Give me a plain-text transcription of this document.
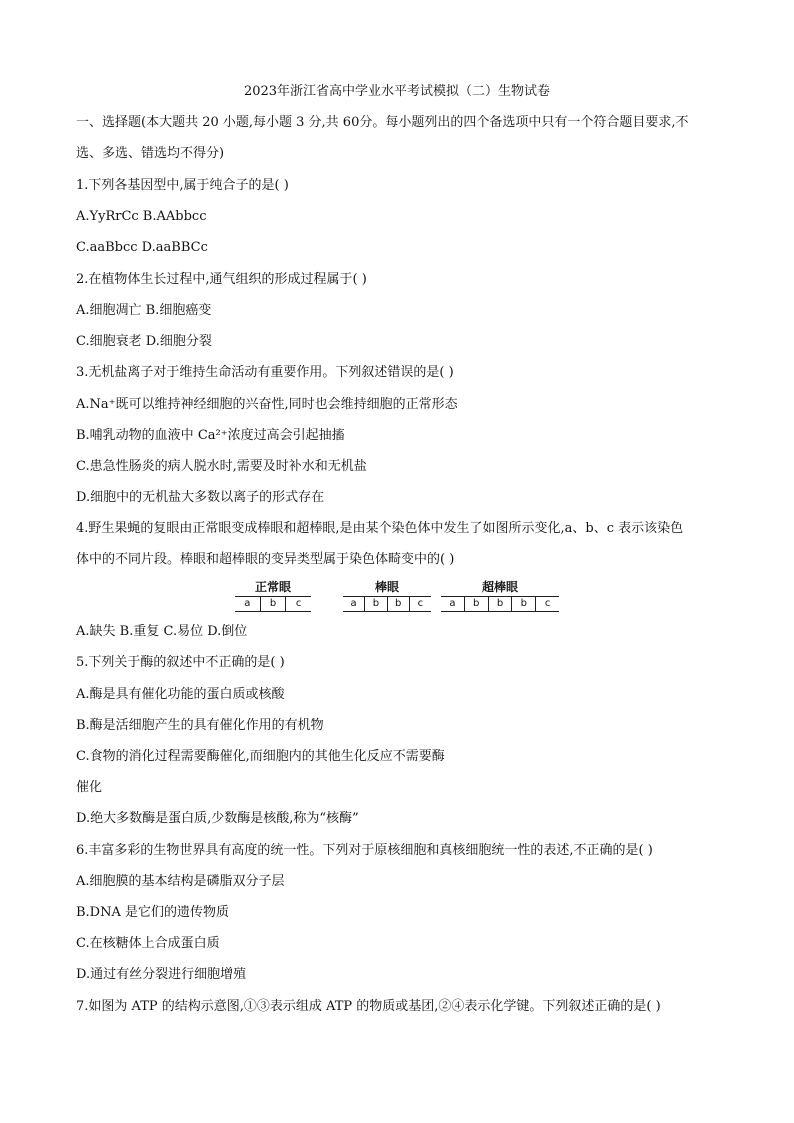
2023年浙江省高中学业水平考试模拟（二）生物试卷
一、选择题(本大题共 20 小题,每小题 3 分,共 60分。每小题列出的四个备选项中只有一个符合题目要求,不
选、多选、错选均不得分)
1.下列各基因型中,属于纯合子的是( )
A.YyRrCc B.AAbbcc
C.aaBbcc D.aaBBCc
2.在植物体生长过程中,通气组织的形成过程属于( )
A.细胞凋亡 B.细胞癌变
C.细胞衰老 D.细胞分裂
3.无机盐离子对于维持生命活动有重要作用。下列叙述错误的是( )
A.Na⁺既可以维持神经细胞的兴奋性,同时也会维持细胞的正常形态
B.哺乳动物的血液中 Ca²⁺浓度过高会引起抽搐
C.患急性肠炎的病人脱水时,需要及时补水和无机盐
D.细胞中的无机盐大多数以离子的形式存在
4.野生果蝇的复眼由正常眼变成棒眼和超棒眼,是由某个染色体中发生了如图所示变化,a、b、c 表示该染色
体中的不同片段。棒眼和超棒眼的变异类型属于染色体畸变中的( )
正常眼
a	b	c
棒眼
a	b	b	c
超棒眼
a	b	b	b	c
A.缺失 B.重复 C.易位 D.倒位
5.下列关于酶的叙述中不正确的是( )
A.酶是具有催化功能的蛋白质或核酸
B.酶是活细胞产生的具有催化作用的有机物
C.食物的消化过程需要酶催化,而细胞内的其他生化反应不需要酶
催化
D.绝大多数酶是蛋白质,少数酶是核酸,称为“核酶”
6.丰富多彩的生物世界具有高度的统一性。下列对于原核细胞和真核细胞统一性的表述,不正确的是( )
A.细胞膜的基本结构是磷脂双分子层
B.DNA 是它们的遗传物质
C.在核糖体上合成蛋白质
D.通过有丝分裂进行细胞增殖
7.如图为 ATP 的结构示意图,①③表示组成 ATP 的物质或基团,②④表示化学键。下列叙述正确的是( )
